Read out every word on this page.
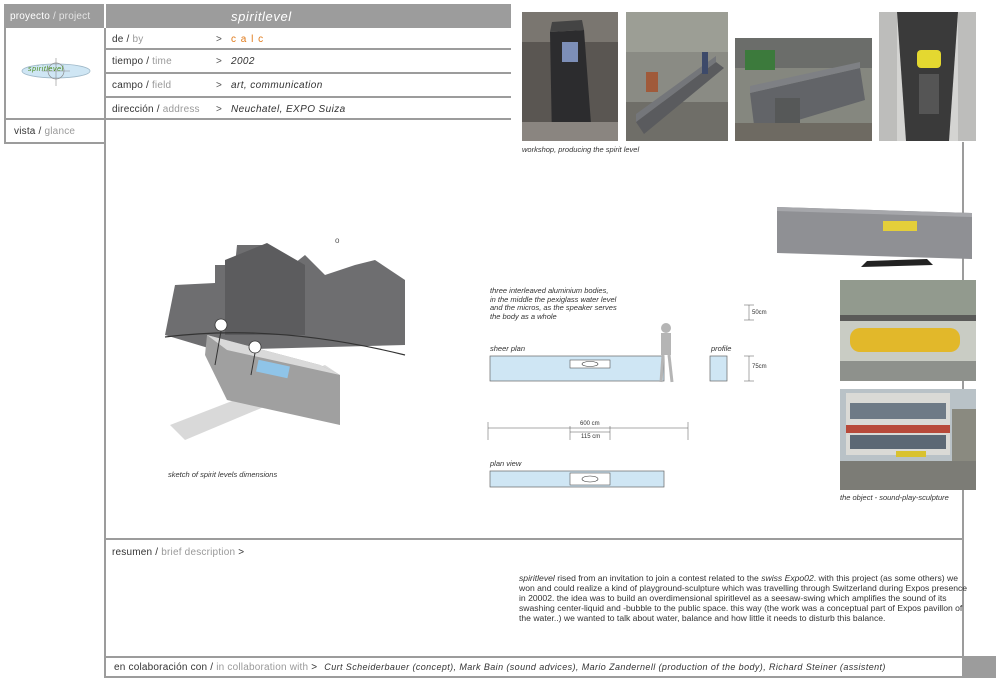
proyecto / project	spiritlevel
spiritlevel
de / by	> c a l c
tiempo / time	> 2002
campo / field	> art, communication
dirección / address > Neuchatel, EXPO Suiza
vista / glance
workshop, producing the spirit level
o
sketch of spirit levels dimensions
three interleaved aluminium bodies,
in the middle the pexiglass water level
and the micros, as the speaker serves
the body as a whole
sheer plan	profile
plan view
50cm
75cm
600 cm
115 cm
the object - sound-play-sculpture
resumen / brief description >
spiritlevel rised from an invitation to join a contest related to the swiss Expo02. with this project (as some others) we won and could realize a kind of playground-sculpture which was travelling through Switzerland during Expos presence in 20002. the idea was to build an overdimensional spiritlevel as a seesaw-swing which amplifies the sound of its swashing center-liquid and -bubble to the public space. this way (the work was a conceptual part of Expos pavillon of the water..) we wanted to talk about water, balance and how little it needs to disturb this balance.
en colaboración con / in collaboration with > Curt Scheiderbauer (concept), Mark Bain (sound advices), Mario Zandernell (production of the body), Richard Steiner (assistent)
